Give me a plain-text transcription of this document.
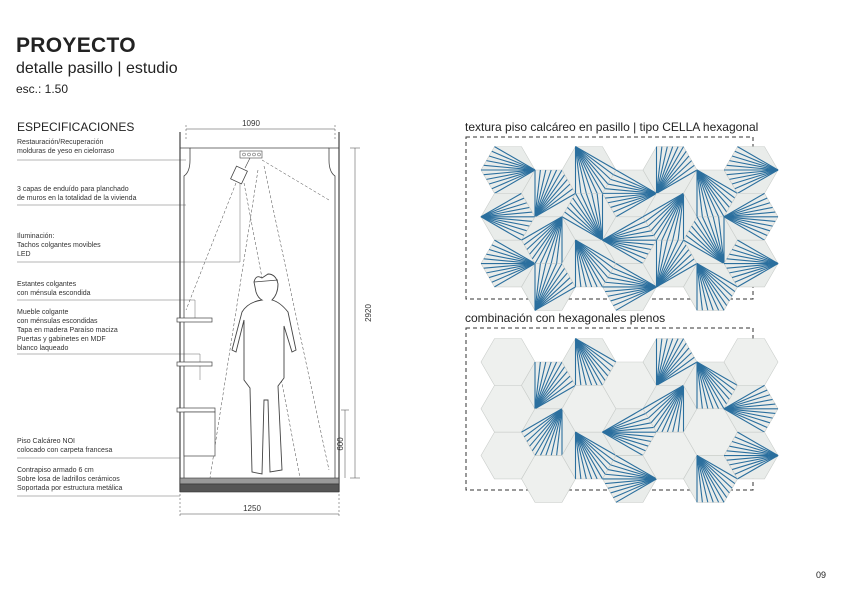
PROYECTO
detalle pasillo | estudio
esc.: 1.50
ESPECIFICACIONES
Restauración/Recuperación
molduras de yeso en cielorraso
3 capas de enduído para planchado
de muros en la totalidad de la vivienda
Iluminación:
Tachos colgantes movibles
LED
Estantes colgantes
con ménsula escondida
Mueble colgante
con ménsulas escondidas
Tapa en madera Paraíso maciza
Puertas y gabinetes en MDF
blanco laqueado
Piso Calcáreo NOI
colocado con carpeta francesa
Contrapiso armado 6 cm
Sobre losa de ladrillos cerámicos
Soportada por estructura metálica
textura piso calcáreo en pasillo | tipo CELLA hexagonal
combinación con hexagonales plenos
1090
1250
2920
600
09
